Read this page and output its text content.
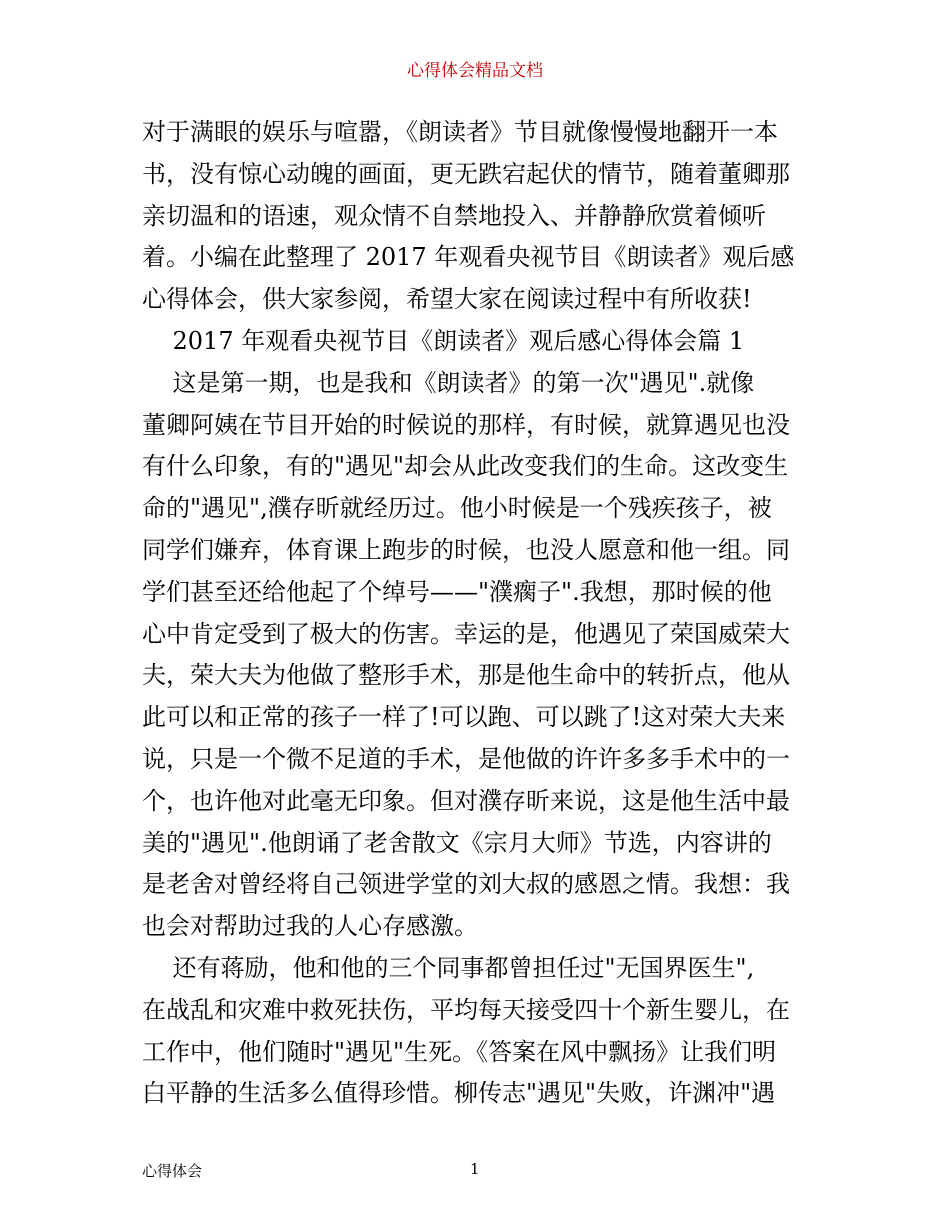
心得体会精品文档
对于满眼的娱乐与喧嚣，《朗读者》节目就像慢慢地翻开一本
书，没有惊心动魄的画面，更无跌宕起伏的情节，随着董卿那
亲切温和的语速，观众情不自禁地投入、并静静欣赏着倾听
着。小编在此整理了 2017 年观看央视节目《朗读者》观后感
心得体会，供大家参阅，希望大家在阅读过程中有所收获!
2017 年观看央视节目《朗读者》观后感心得体会篇 1
这是第一期，也是我和《朗读者》的第一次"遇见".就像
董卿阿姨在节目开始的时候说的那样，有时候，就算遇见也没
有什么印象，有的"遇见"却会从此改变我们的生命。这改变生
命的"遇见",濮存昕就经历过。他小时候是一个残疾孩子，被
同学们嫌弃，体育课上跑步的时候，也没人愿意和他一组。同
学们甚至还给他起了个绰号——"濮瘸子".我想，那时候的他
心中肯定受到了极大的伤害。幸运的是，他遇见了荣国威荣大
夫，荣大夫为他做了整形手术，那是他生命中的转折点，他从
此可以和正常的孩子一样了!可以跑、可以跳了!这对荣大夫来
说，只是一个微不足道的手术，是他做的许许多多手术中的一
个，也许他对此毫无印象。但对濮存昕来说，这是他生活中最
美的"遇见".他朗诵了老舍散文《宗月大师》节选，内容讲的
是老舍对曾经将自己领进学堂的刘大叔的感恩之情。我想：我
也会对帮助过我的人心存感激。
还有蒋励，他和他的三个同事都曾担任过"无国界医生",
在战乱和灾难中救死扶伤，平均每天接受四十个新生婴儿，在
工作中，他们随时"遇见"生死。《答案在风中飘扬》让我们明
白平静的生活多么值得珍惜。柳传志"遇见"失败，许渊冲"遇
心得体会	1
